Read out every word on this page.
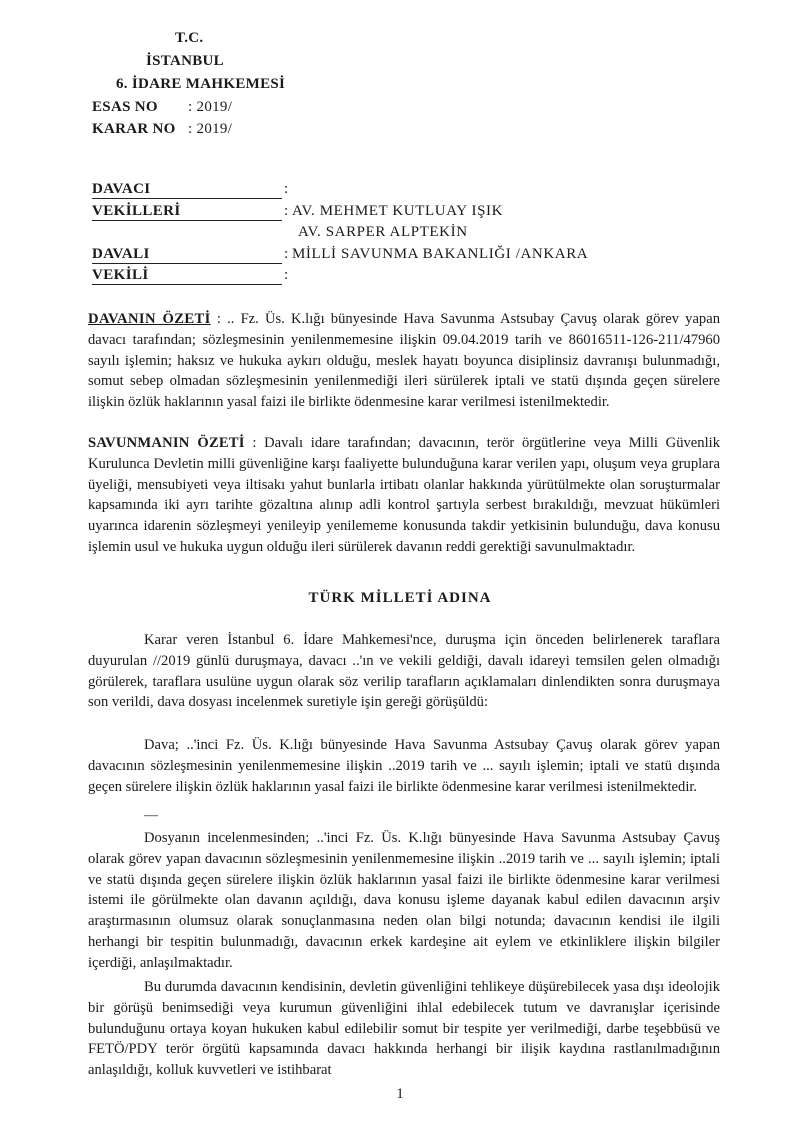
T.C.
İSTANBUL
6. İDARE MAHKEMESİ
ESAS NO : 2019/
KARAR NO : 2019/
DAVACI	:
VEKİLLERİ	: AV. MEHMET KUTLUAY IŞIK
AV. SARPER ALPTEKİN
DAVALI	: MİLLİ SAVUNMA BAKANLIĞI /ANKARA
VEKİLİ	:

DAVANIN ÖZETİ : .. Fz. Üs. K.lığı bünyesinde Hava Savunma Astsubay Çavuş olarak görev yapan davacı tarafından; sözleşmesinin yenilenmemesine ilişkin 09.04.2019 tarih ve 86016511-126-211/47960 sayılı işlemin; haksız ve hukuka aykırı olduğu, meslek hayatı boyunca disiplinsiz davranışı bulunmadığı, somut sebep olmadan sözleşmesinin yenilenmediği ileri sürülerek iptali ve statü dışında geçen sürelere ilişkin özlük haklarının yasal faizi ile birlikte ödenmesine karar verilmesi istenilmektedir.

SAVUNMANIN ÖZETİ : Davalı idare tarafından; davacının, terör örgütlerine veya Milli Güvenlik Kurulunca Devletin milli güvenliğine karşı faaliyette bulunduğuna karar verilen yapı, oluşum veya gruplara üyeliği, mensubiyeti veya iltisakı yahut bunlarla irtibatı olanlar hakkında yürütülmekte olan soruşturmalar kapsamında iki ayrı tarihte gözaltına alınıp adli kontrol şartıyla serbest bırakıldığı, mevzuat hükümleri uyarınca idarenin sözleşmeyi yenileyip yenilememe konusunda takdir yetkisinin bulunduğu, dava konusu işlemin usul ve hukuka uygun olduğu ileri sürülerek davanın reddi gerektiği savunulmaktadır.

TÜRK MİLLETİ ADINA

Karar veren İstanbul 6. İdare Mahkemesi'nce, duruşma için önceden belirlenerek taraflara duyurulan //2019 günlü duruşmaya, davacı ..'ın ve vekili geldiği, davalı idareyi temsilen gelen olmadığı görülerek, taraflara usulüne uygun olarak söz verilip tarafların açıklamaları dinlendikten sonra duruşmaya son verildi, dava dosyası incelenmek suretiyle işin gereği görüşüldü:

Dava; ..'inci Fz. Üs. K.lığı bünyesinde Hava Savunma Astsubay Çavuş olarak görev yapan davacının sözleşmesinin yenilenmemesine ilişkin ..2019 tarih ve ... sayılı işlemin; iptali ve statü dışında geçen sürelere ilişkin özlük haklarının yasal faizi ile birlikte ödenmesine karar verilmesi istenilmektedir.

—

Dosyanın incelenmesinden; ..'inci Fz. Üs. K.lığı bünyesinde Hava Savunma Astsubay Çavuş olarak görev yapan davacının sözleşmesinin yenilenmemesine ilişkin ..2019 tarih ve ... sayılı işlemin; iptali ve statü dışında geçen sürelere ilişkin özlük haklarının yasal faizi ile birlikte ödenmesine karar verilmesi istemi ile görülmekte olan davanın açıldığı, dava konusu işleme dayanak kabul edilen davacının arşiv araştırmasının olumsuz olarak sonuçlanmasına neden olan bilgi notunda; davacının kendisi ile ilgili herhangi bir tespitin bulunmadığı, davacının erkek kardeşine ait eylem ve etkinliklere ilişkin bilgiler içerdiği, anlaşılmaktadır.

Bu durumda davacının kendisinin, devletin güvenliğini tehlikeye düşürebilecek yasa dışı ideolojik bir görüşü benimsediği veya kurumun güvenliğini ihlal edebilecek tutum ve davranışlar içerisinde bulunduğunu ortaya koyan hukuken kabul edilebilir somut bir tespite yer verilmediği, darbe teşebbüsü ve FETÖ/PDY terör örgütü kapsamında davacı hakkında herhangi bir ilişik kaydına rastlanılmadığının anlaşıldığı, kolluk kuvvetleri ve istihbarat

1
